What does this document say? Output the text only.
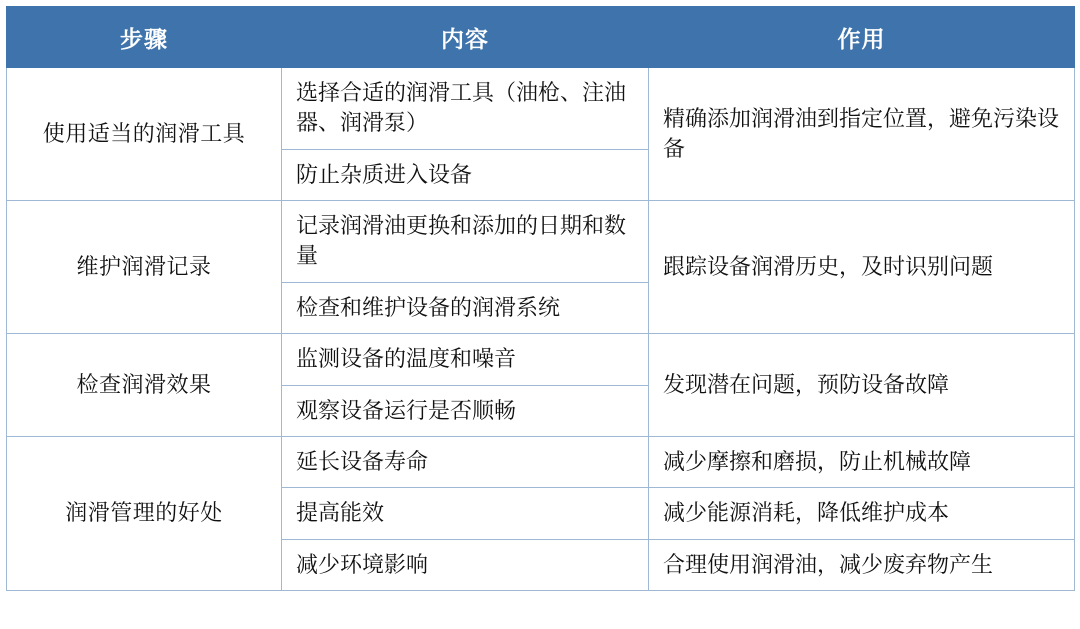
步骤	内容	作用
使用适当的润滑工具	选择合适的润滑工具（油枪、注油器、润滑泵）	精确添加润滑油到指定位置，避免污染设备
	防止杂质进入设备	
维护润滑记录	记录润滑油更换和添加的日期和数量	跟踪设备润滑历史，及时识别问题
	检查和维护设备的润滑系统	
检查润滑效果	监测设备的温度和噪音	发现潜在问题，预防设备故障
	观察设备运行是否顺畅	
润滑管理的好处	延长设备寿命	减少摩擦和磨损，防止机械故障
	提高能效	减少能源消耗，降低维护成本
	减少环境影响	合理使用润滑油，减少废弃物产生
